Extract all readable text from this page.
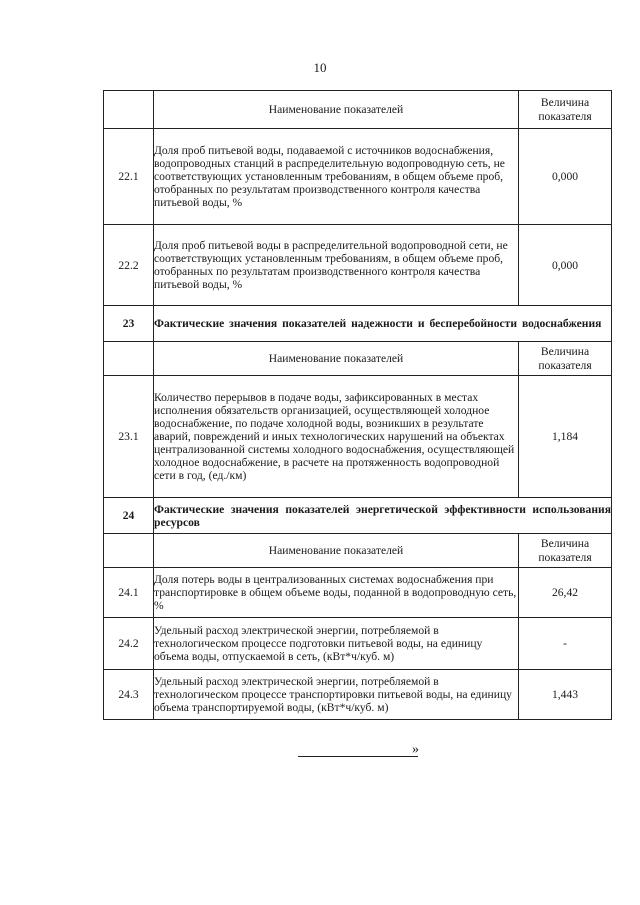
10
	Наименование показателей	Величина показателя
22.1	Доля проб питьевой воды, подаваемой с источников водоснабжения, водопроводных станций в распределительную водопроводную сеть, не соответствующих установленным требованиям, в общем объеме проб, отобранных по результатам производственного контроля качества питьевой воды, %	0,000
22.2	Доля проб питьевой воды в распределительной водопроводной сети, не соответствующих установленным требованиям, в общем объеме проб, отобранных по результатам производственного контроля качества питьевой воды, %	0,000
23	Фактические значения показателей надежности и бесперебойности водоснабжения	
	Наименование показателей	Величина показателя
23.1	Количество перерывов в подаче воды, зафиксированных в местах исполнения обязательств организацией, осуществляющей холодное водоснабжение, по подаче холодной воды, возникших в результате аварий, повреждений и иных технологических нарушений на объектах централизованной системы холодного водоснабжения, осуществляющей холодное водоснабжение, в расчете на протяженность водопроводной сети в год, (ед./км)	1,184
24	Фактические значения показателей энергетической эффективности использования ресурсов	
	Наименование показателей	Величина показателя
24.1	Доля потерь воды в централизованных системах водоснабжения при транспортировке в общем объеме воды, поданной в водопроводную сеть, %	26,42
24.2	Удельный расход электрической энергии, потребляемой в технологическом процессе подготовки питьевой воды, на единицу объема воды, отпускаемой в сеть, (кВт*ч/куб. м)	-
24.3	Удельный расход электрической энергии, потребляемой в технологическом процессе транспортировки питьевой воды, на единицу объема транспортируемой воды, (кВт*ч/куб. м)	1,443
»
